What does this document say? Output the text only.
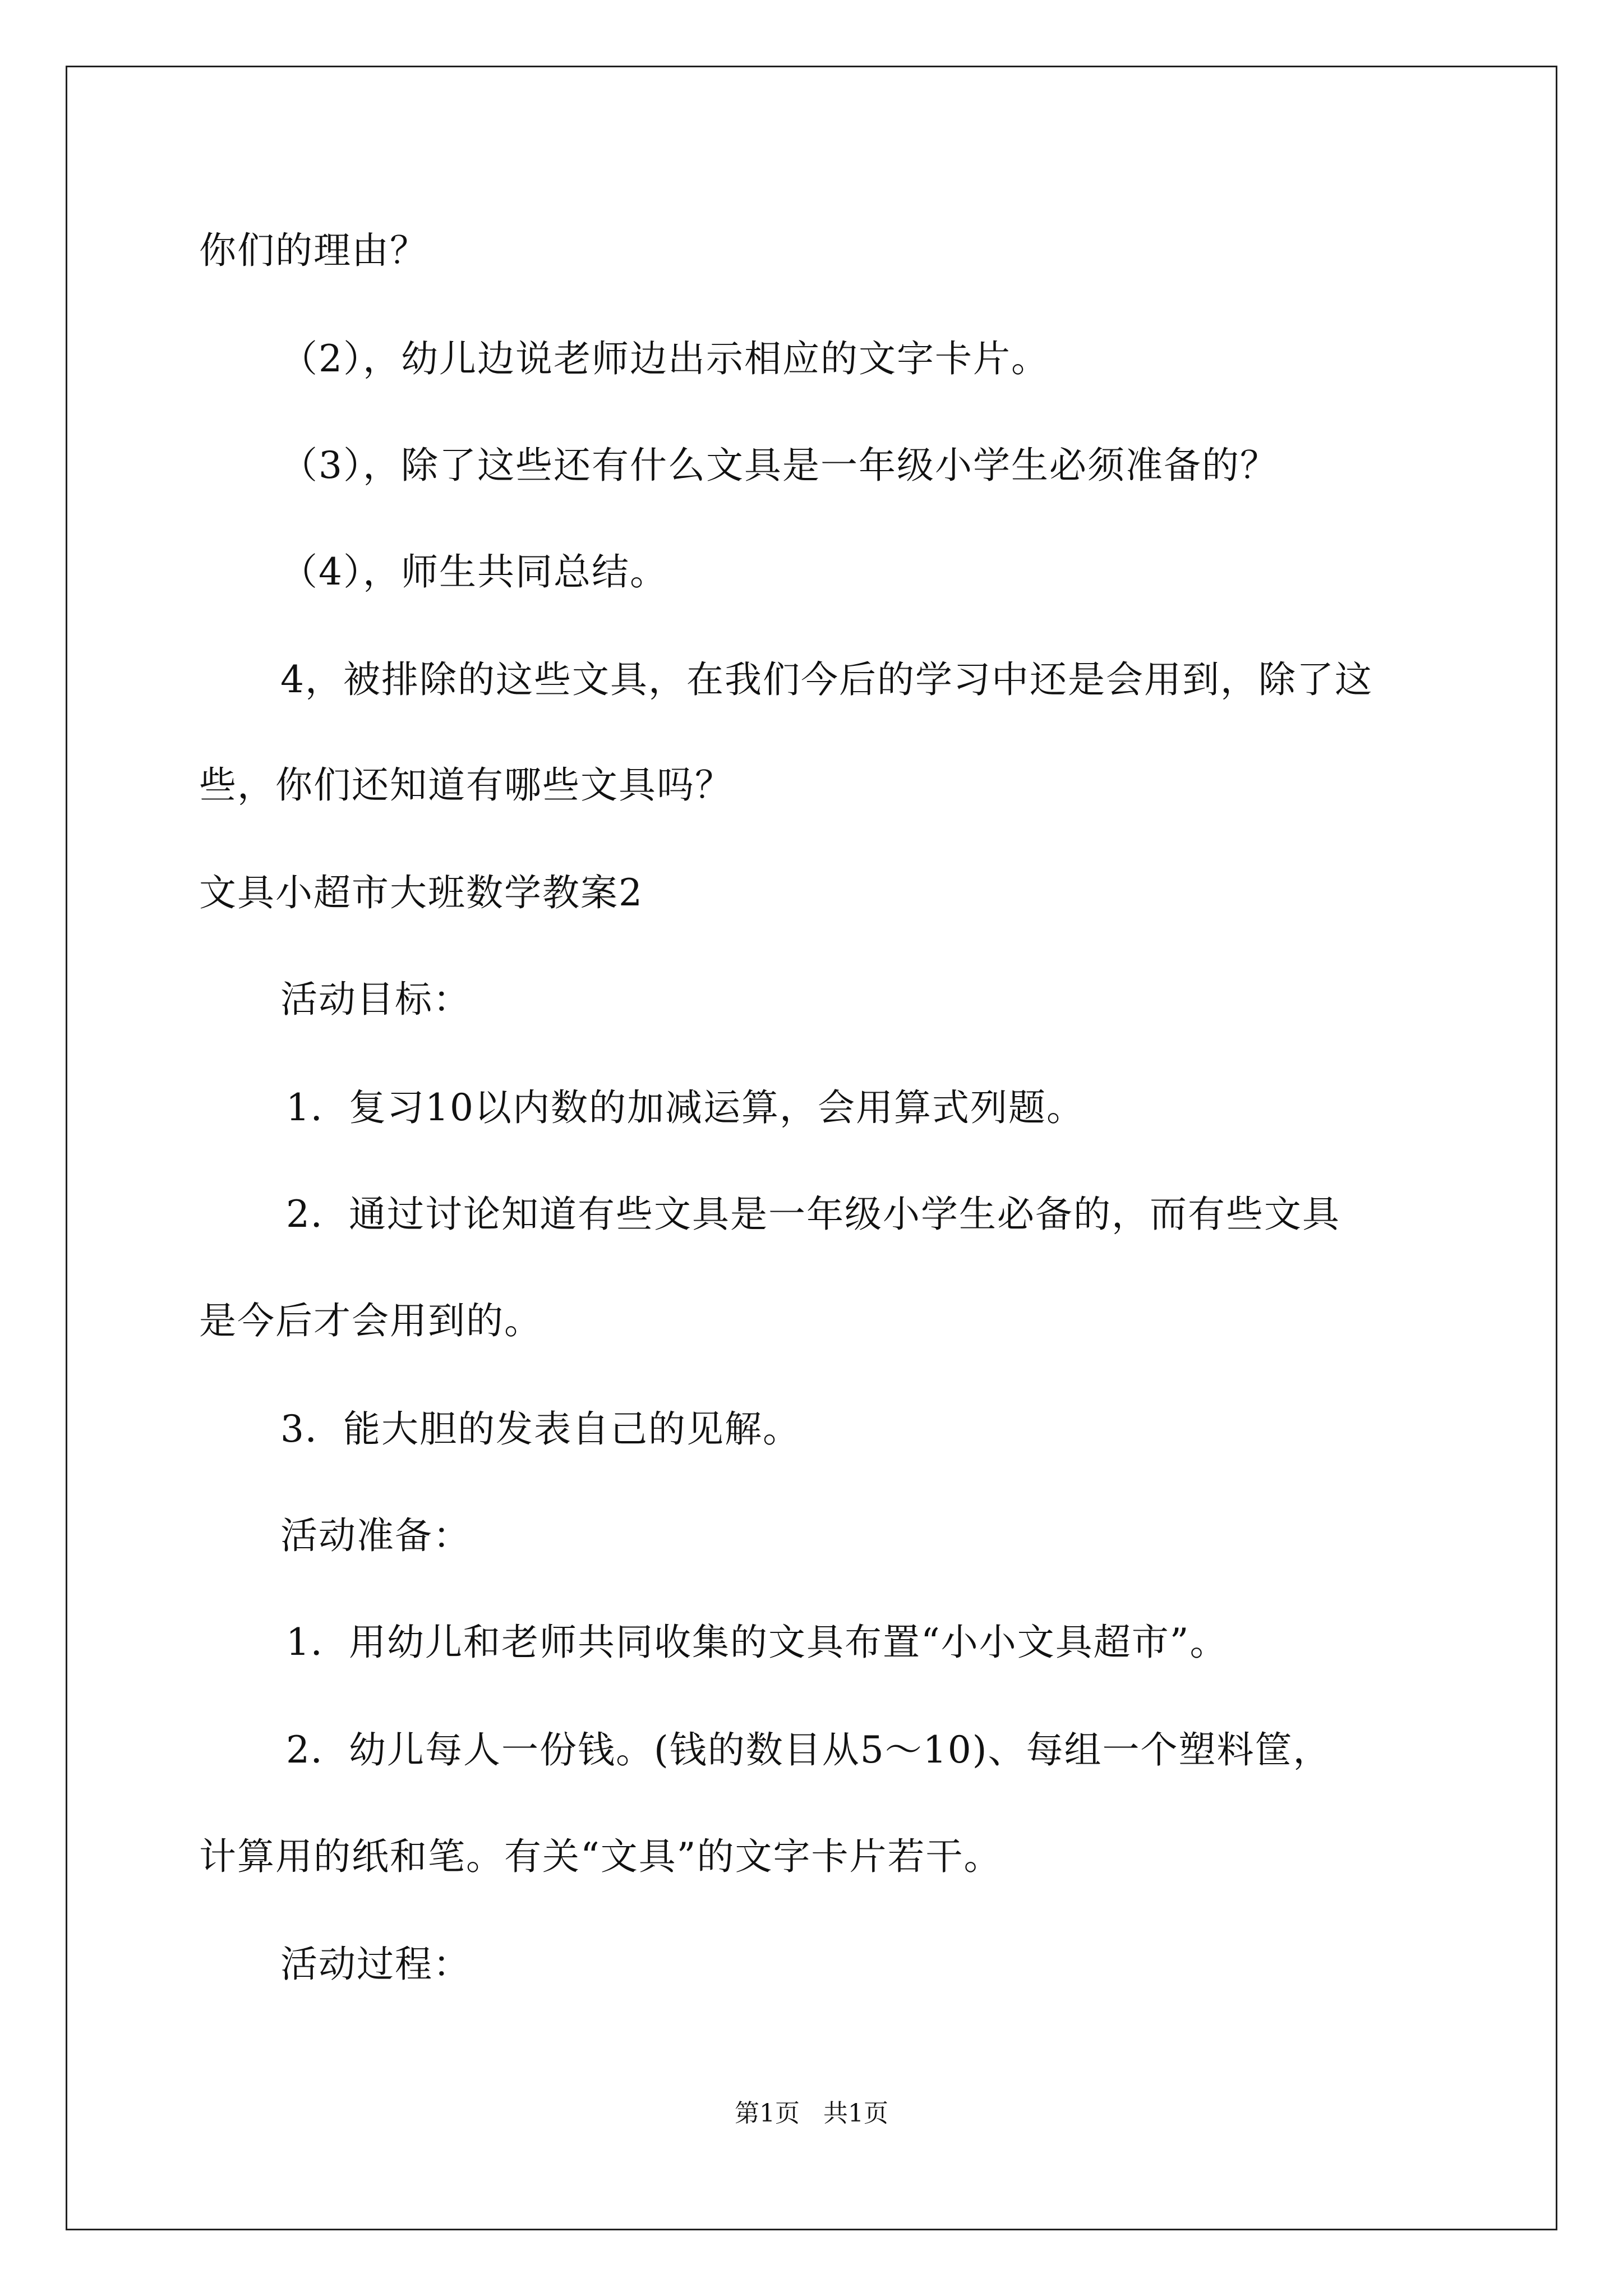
你们的理由？
（2），幼儿边说老师边出示相应的文字卡片。
（3），除了这些还有什么文具是一年级小学生必须准备的？
（4），师生共同总结。
4，被排除的这些文具，在我们今后的学习中还是会用到，除了这
些，你们还知道有哪些文具吗？
文具小超市大班数学教案2
活动目标：
1．复习10以内数的加减运算，会用算式列题。
2．通过讨论知道有些文具是一年级小学生必备的，而有些文具
是今后才会用到的。
3．能大胆的发表自己的见解。
活动准备：
1．用幼儿和老师共同收集的文具布置“小小文具超市”。
2．幼儿每人一份钱。(钱的数目从5～10)、每组一个塑料筐，
计算用的纸和笔。有关“文具”的文字卡片若干。
活动过程：
第1页   共1页
